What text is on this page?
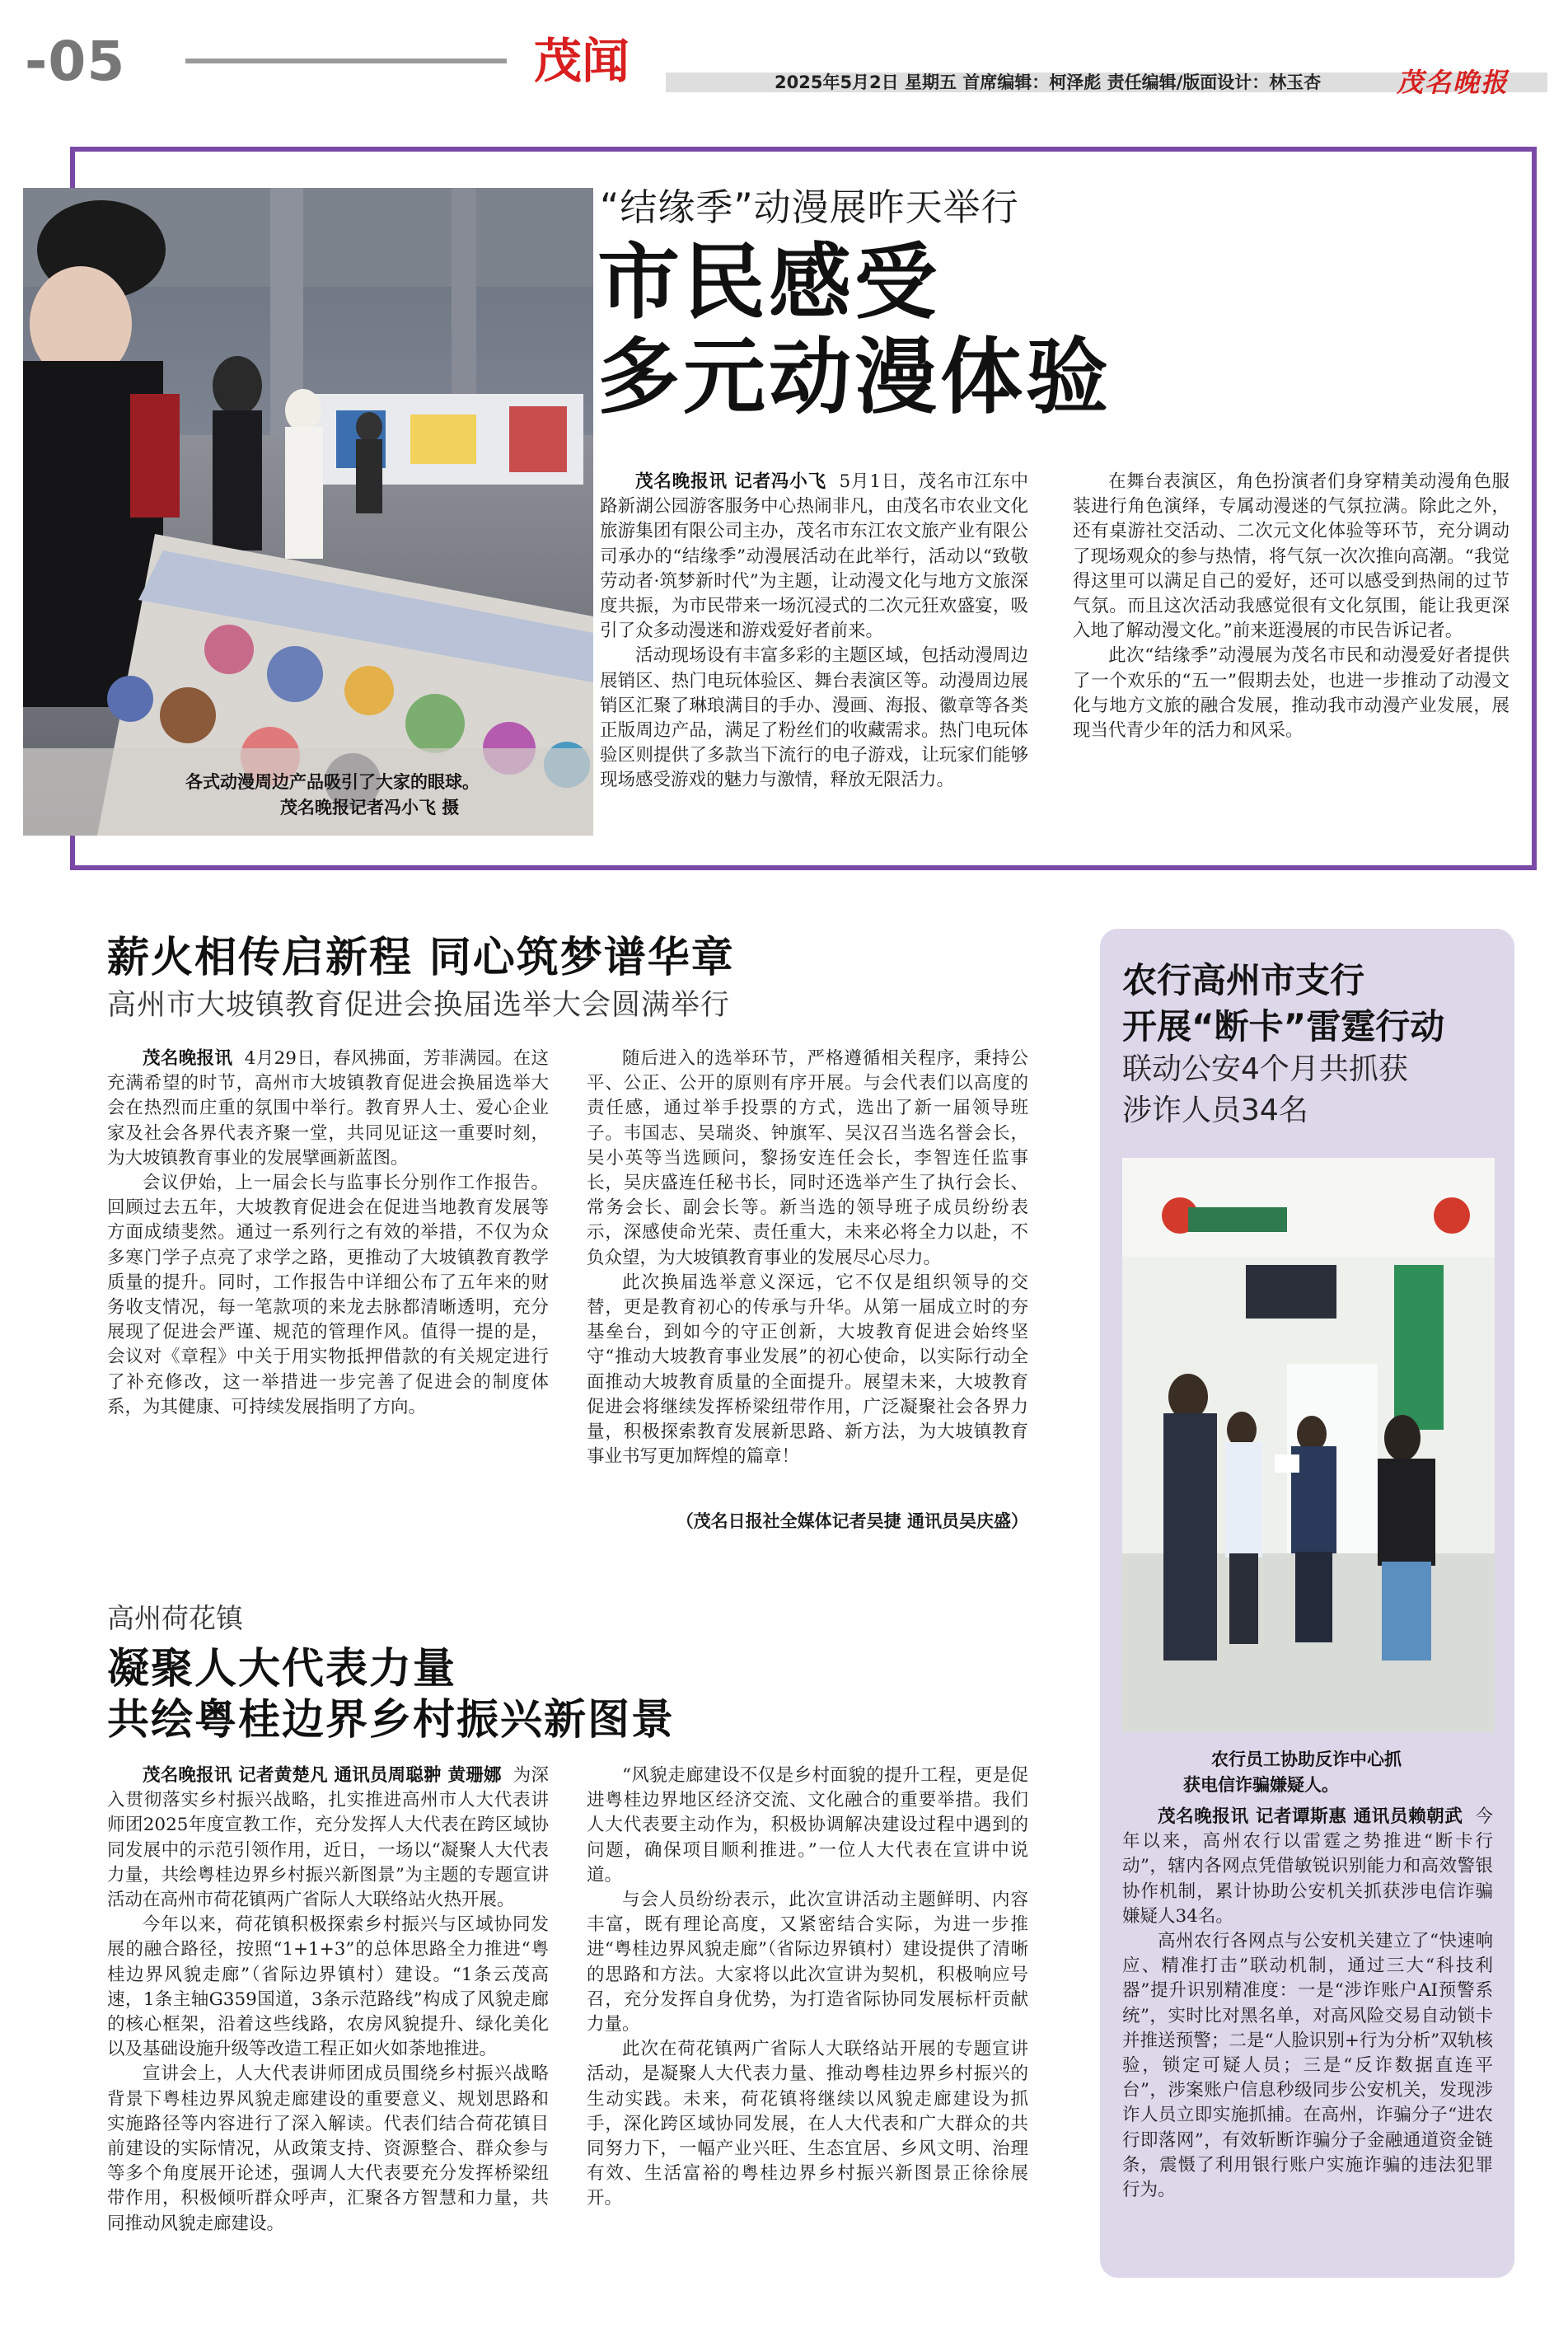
-05	茂闻	2025年5月2日 星期五 首席编辑：柯泽彪 责任编辑/版面设计：林玉杏	茂名晚报
各式动漫周边产品吸引了大家的眼球。
茂名晚报记者冯小飞 摄
“结缘季”动漫展昨天举行
市民感受
多元动漫体验

茂名晚报讯 记者冯小飞 5月1日，茂名市江东中路新湖公园游客服务中心热闹非凡，由茂名市农业文化旅游集团有限公司主办，茂名市东江农文旅产业有限公司承办的“结缘季”动漫展活动在此举行，活动以“致敬劳动者·筑梦新时代”为主题，让动漫文化与地方文旅深度共振，为市民带来一场沉浸式的二次元狂欢盛宴，吸引了众多动漫迷和游戏爱好者前来。

活动现场设有丰富多彩的主题区域，包括动漫周边展销区、热门电玩体验区、舞台表演区等。动漫周边展销区汇聚了琳琅满目的手办、漫画、海报、徽章等各类正版周边产品，满足了粉丝们的收藏需求。热门电玩体验区则提供了多款当下流行的电子游戏，让玩家们能够现场感受游戏的魅力与激情，释放无限活力。

在舞台表演区，角色扮演者们身穿精美动漫角色服装进行角色演绎，专属动漫迷的气氛拉满。除此之外，还有桌游社交活动、二次元文化体验等环节，充分调动了现场观众的参与热情，将气氛一次次推向高潮。“我觉得这里可以满足自己的爱好，还可以感受到热闹的过节气氛。而且这次活动我感觉很有文化氛围，能让我更深入地了解动漫文化。”前来逛漫展的市民告诉记者。

此次“结缘季”动漫展为茂名市民和动漫爱好者提供了一个欢乐的“五一”假期去处，也进一步推动了动漫文化与地方文旅的融合发展，推动我市动漫产业发展，展现当代青少年的活力和风采。

薪火相传启新程 同心筑梦谱华章
高州市大坡镇教育促进会换届选举大会圆满举行

茂名晚报讯 4月29日，春风拂面，芳菲满园。在这充满希望的时节，高州市大坡镇教育促进会换届选举大会在热烈而庄重的氛围中举行。教育界人士、爱心企业家及社会各界代表齐聚一堂，共同见证这一重要时刻，为大坡镇教育事业的发展擘画新蓝图。

会议伊始，上一届会长与监事长分别作工作报告。回顾过去五年，大坡教育促进会在促进当地教育发展等方面成绩斐然。通过一系列行之有效的举措，不仅为众多寒门学子点亮了求学之路，更推动了大坡镇教育教学质量的提升。同时，工作报告中详细公布了五年来的财务收支情况，每一笔款项的来龙去脉都清晰透明，充分展现了促进会严谨、规范的管理作风。值得一提的是，会议对《章程》中关于用实物抵押借款的有关规定进行了补充修改，这一举措进一步完善了促进会的制度体系，为其健康、可持续发展指明了方向。

随后进入的选举环节，严格遵循相关程序，秉持公平、公正、公开的原则有序开展。与会代表们以高度的责任感，通过举手投票的方式，选出了新一届领导班子。韦国志、吴瑞炎、钟旗军、吴汉召当选名誉会长，吴小英等当选顾问，黎扬安连任会长，李智连任监事长，吴庆盛连任秘书长，同时还选举产生了执行会长、常务会长、副会长等。新当选的领导班子成员纷纷表示，深感使命光荣、责任重大，未来必将全力以赴，不负众望，为大坡镇教育事业的发展尽心尽力。

此次换届选举意义深远，它不仅是组织领导的交替，更是教育初心的传承与升华。从第一届成立时的夯基垒台，到如今的守正创新，大坡教育促进会始终坚守“推动大坡教育事业发展”的初心使命，以实际行动全面推动大坡教育质量的全面提升。展望未来，大坡教育促进会将继续发挥桥梁纽带作用，广泛凝聚社会各界力量，积极探索教育发展新思路、新方法，为大坡镇教育事业书写更加辉煌的篇章！

（茂名日报社全媒体记者吴捷 通讯员吴庆盛）
高州荷花镇
凝聚人大代表力量
共绘粤桂边界乡村振兴新图景

茂名晚报讯 记者黄楚凡 通讯员周聪翀 黄珊娜 为深入贯彻落实乡村振兴战略，扎实推进高州市人大代表讲师团2025年度宣教工作，充分发挥人大代表在跨区域协同发展中的示范引领作用，近日，一场以“凝聚人大代表力量，共绘粤桂边界乡村振兴新图景”为主题的专题宣讲活动在高州市荷花镇两广省际人大联络站火热开展。

今年以来，荷花镇积极探索乡村振兴与区域协同发展的融合路径，按照“1+1+3”的总体思路全力推进“粤桂边界风貌走廊”（省际边界镇村）建设。“1条云茂高速，1条主轴G359国道，3条示范路线”构成了风貌走廊的核心框架，沿着这些线路，农房风貌提升、绿化美化以及基础设施升级等改造工程正如火如荼地推进。

宣讲会上，人大代表讲师团成员围绕乡村振兴战略背景下粤桂边界风貌走廊建设的重要意义、规划思路和实施路径等内容进行了深入解读。代表们结合荷花镇目前建设的实际情况，从政策支持、资源整合、群众参与等多个角度展开论述，强调人大代表要充分发挥桥梁纽带作用，积极倾听群众呼声，汇聚各方智慧和力量，共同推动风貌走廊建设。

“风貌走廊建设不仅是乡村面貌的提升工程，更是促进粤桂边界地区经济交流、文化融合的重要举措。我们人大代表要主动作为，积极协调解决建设过程中遇到的问题，确保项目顺利推进。”一位人大代表在宣讲中说道。

与会人员纷纷表示，此次宣讲活动主题鲜明、内容丰富，既有理论高度，又紧密结合实际，为进一步推进“粤桂边界风貌走廊”（省际边界镇村）建设提供了清晰的思路和方法。大家将以此次宣讲为契机，积极响应号召，充分发挥自身优势，为打造省际协同发展标杆贡献力量。

此次在荷花镇两广省际人大联络站开展的专题宣讲活动，是凝聚人大代表力量、推动粤桂边界乡村振兴的生动实践。未来，荷花镇将继续以风貌走廊建设为抓手，深化跨区域协同发展，在人大代表和广大群众的共同努力下，一幅产业兴旺、生态宜居、乡风文明、治理有效、生活富裕的粤桂边界乡村振兴新图景正徐徐展开。

农行高州市支行
开展“断卡”雷霆行动
联动公安4个月共抓获
涉诈人员34名
农行员工协助反诈中心抓
获电信诈骗嫌疑人。

茂名晚报讯 记者谭斯惠 通讯员赖朝武 今年以来，高州农行以雷霆之势推进“断卡行动”，辖内各网点凭借敏锐识别能力和高效警银协作机制，累计协助公安机关抓获涉电信诈骗嫌疑人34名。

高州农行各网点与公安机关建立了“快速响应、精准打击”联动机制，通过三大“科技利器”提升识别精准度：一是“涉诈账户AI预警系统”，实时比对黑名单，对高风险交易自动锁卡并推送预警；二是“人脸识别+行为分析”双轨核验，锁定可疑人员；三是“反诈数据直连平台”，涉案账户信息秒级同步公安机关，发现涉诈人员立即实施抓捕。在高州，诈骗分子“进农行即落网”，有效斩断诈骗分子金融通道资金链条，震慑了利用银行账户实施诈骗的违法犯罪行为。
